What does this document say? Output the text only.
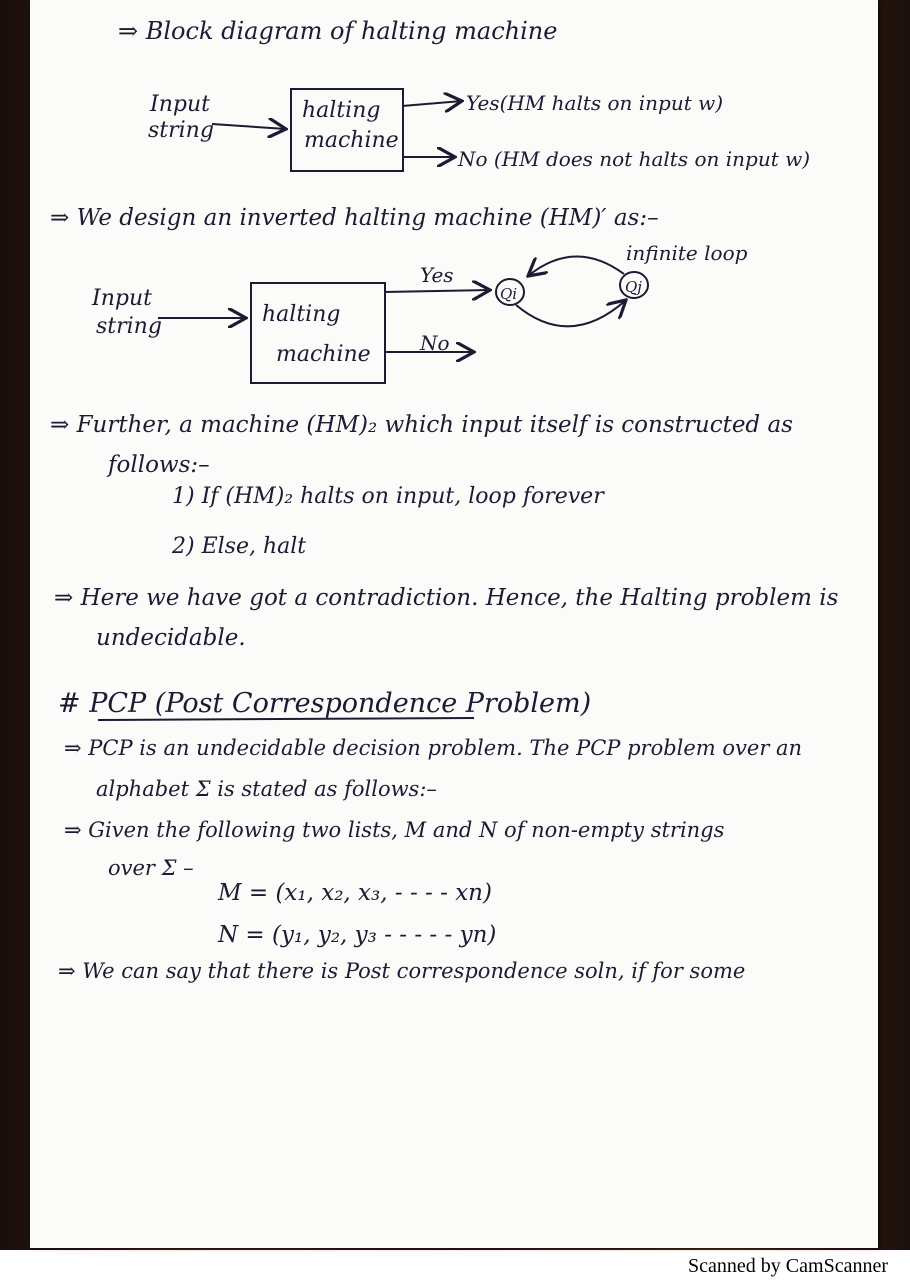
⇒ Block diagram of halting machine
Input
string
halting
machine
Yes(HM halts on input w)
No (HM does not halts on input w)
⇒ We design an inverted halting machine (HM)′ as:–
Input
string	halting
machine
Yes
No
Qi	Qj
infinite loop
⇒ Further, a machine (HM)₂ which input itself is constructed as
follows:–
1) If (HM)₂ halts on input, loop forever
2) Else, halt
⇒ Here we have got a contradiction. Hence, the Halting problem is
undecidable.
# PCP (Post Correspondence Problem)
⇒ PCP is an undecidable decision problem. The PCP problem over an
alphabet Σ is stated as follows:–
⇒ Given the following two lists, M and N of non-empty strings
over Σ –
M = (x₁, x₂, x₃, - - - - xn)
N = (y₁, y₂, y₃ - - - - - yn)
⇒ We can say that there is Post correspondence soln, if for some
Scanned by CamScanner
